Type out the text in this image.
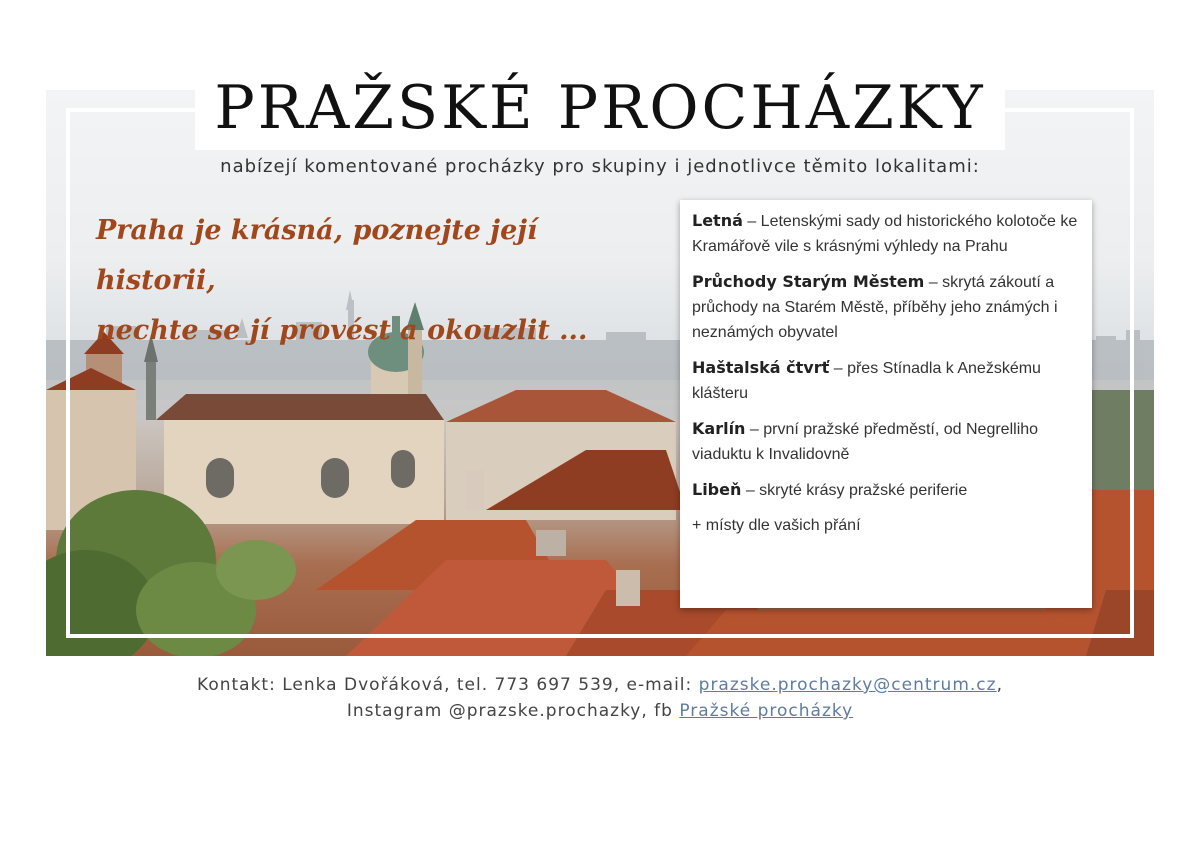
PRAŽSKÉ PROCHÁZKY

nabízejí komentované procházky pro skupiny i jednotlivce těmito lokalitami:

Praha je krásná, poznejte její historii,
nechte se jí provést a okouzlit ...

Letná – Letenskými sady od historického kolotoče ke Kramářově vile s krásnými výhledy na Prahu

Průchody Starým Městem – skrytá zákoutí a průchody na Starém Městě, příběhy jeho známých i neznámých obyvatel

Haštalská čtvrť – přes Stínadla k Anežskému klášteru

Karlín – první pražské předměstí, od Negrelliho viaduktu k Invalidovně

Libeň – skryté krásy pražské periferie

+ místy dle vašich přání

Kontakt: Lenka Dvořáková, tel. 773 697 539, e-mail: prazske.prochazky@centrum.cz,
Instagram @prazske.prochazky, fb Pražské procházky
